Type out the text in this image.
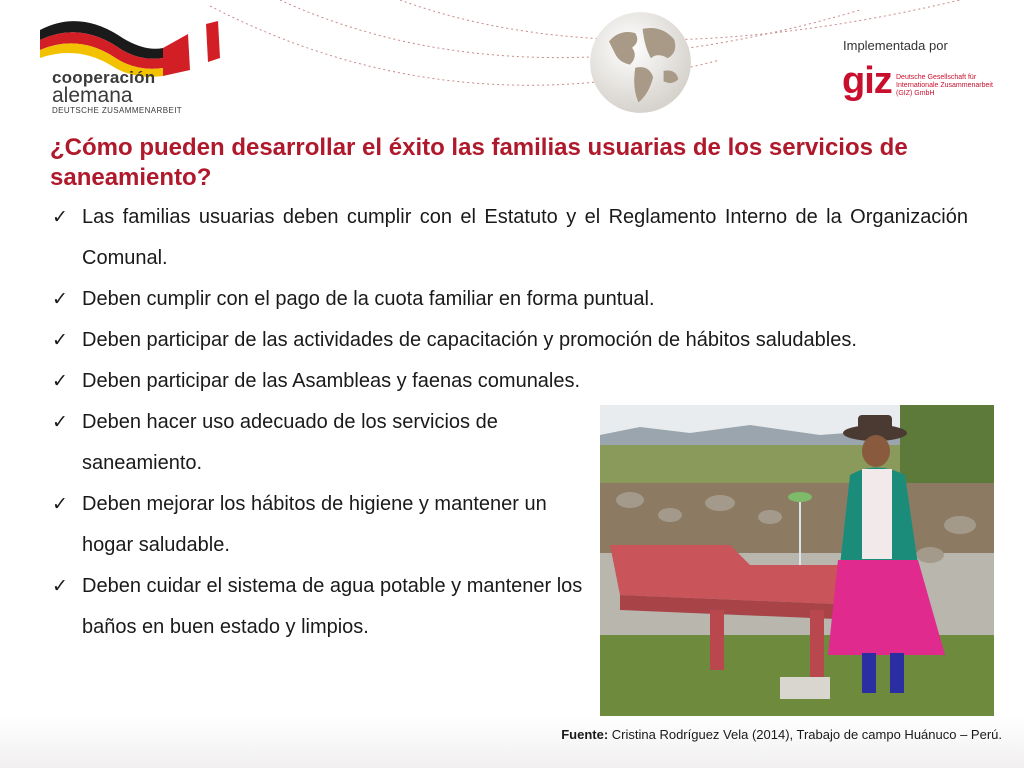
cooperación
alemana
DEUTSCHE ZUSAMMENARBEIT
Implementada por
giz Deutsche Gesellschaft für Internationale Zusammenarbeit (GIZ) GmbH
¿Cómo pueden desarrollar el éxito las familias usuarias de los servicios de saneamiento?
✓ Las familias usuarias deben cumplir con el Estatuto y el Reglamento Interno de la Organización Comunal.
✓ Deben cumplir con el pago de la cuota familiar en forma puntual.
✓ Deben participar de las actividades de capacitación y promoción de hábitos saludables.
✓ Deben participar de las Asambleas y faenas comunales.
✓ Deben hacer uso adecuado de los servicios de saneamiento.
✓ Deben mejorar los hábitos de higiene y mantener un hogar saludable.
✓ Deben cuidar el sistema de agua potable y mantener los baños en buen estado y limpios.
Fuente: Cristina Rodríguez Vela (2014), Trabajo de campo Huánuco – Perú.
